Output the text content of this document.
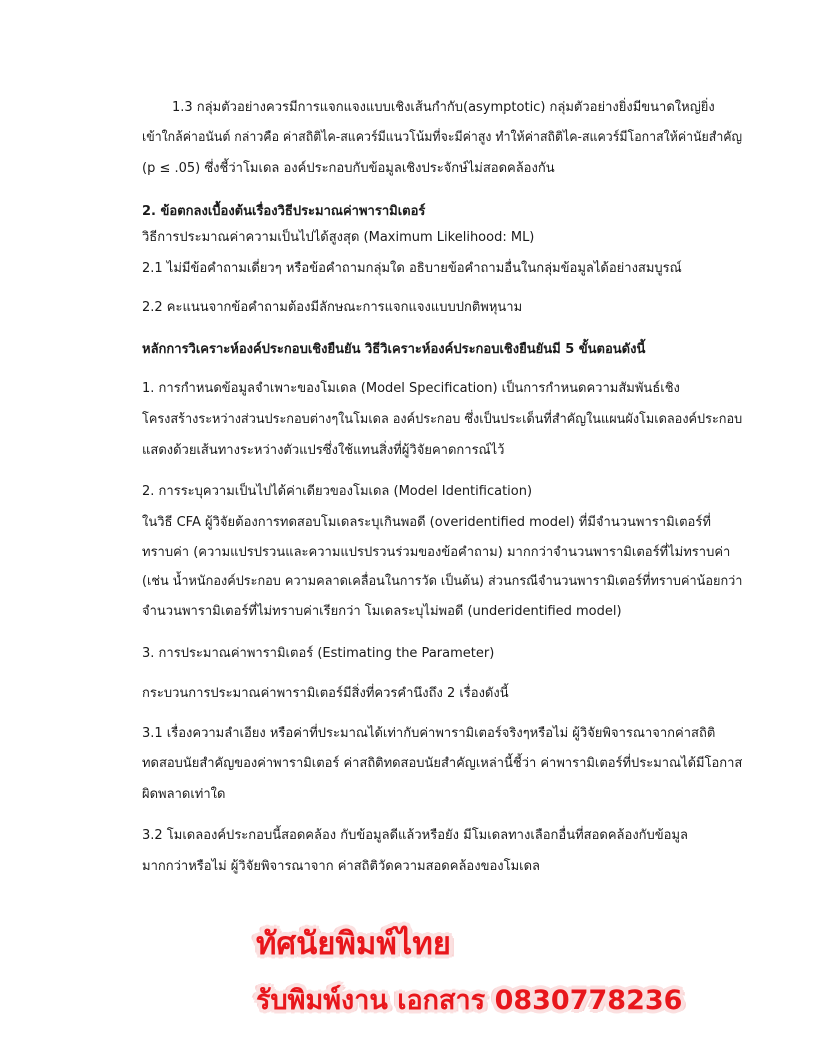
1.3 กลุ่มตัวอย่างควรมีการแจกแจงแบบเชิงเส้นกำกับ(asymptotic) กลุ่มตัวอย่างยิ่งมีขนาดใหญ่ยิ่ง
เข้าใกล้ค่าอนันต์ กล่าวคือ ค่าสถิติไค-สแควร์มีแนวโน้มที่จะมีค่าสูง ทำให้ค่าสถิติไค-สแควร์มีโอกาสให้ค่านัยสำคัญ
(p ≤ .05) ซึ่งชี้ว่าโมเดล องค์ประกอบกับข้อมูลเชิงประจักษ์ไม่สอดคล้องกัน
2. ข้อตกลงเบื้องต้นเรื่องวิธีประมาณค่าพารามิเตอร์
วิธีการประมาณค่าความเป็นไปได้สูงสุด (Maximum Likelihood: ML)
2.1 ไม่มีข้อคำถามเดี่ยวๆ หรือข้อคำถามกลุ่มใด อธิบายข้อคำถามอื่นในกลุ่มข้อมูลได้อย่างสมบูรณ์
2.2 คะแนนจากข้อคำถามต้องมีลักษณะการแจกแจงแบบปกติพหุนาม
หลักการวิเคราะห์องค์ประกอบเชิงยืนยัน วิธีวิเคราะห์องค์ประกอบเชิงยืนยันมี 5 ขั้นตอนดังนี้
1. การกำหนดข้อมูลจำเพาะของโมเดล (Model Specification) เป็นการกำหนดความสัมพันธ์เชิง
โครงสร้างระหว่างส่วนประกอบต่างๆในโมเดล องค์ประกอบ ซึ่งเป็นประเด็นที่สำคัญในแผนผังโมเดลองค์ประกอบ
แสดงด้วยเส้นทางระหว่างตัวแปรซึ่งใช้แทนสิ่งที่ผู้วิจัยคาดการณ์ไว้
2. การระบุความเป็นไปได้ค่าเดียวของโมเดล (Model Identification)
ในวิธี CFA ผู้วิจัยต้องการทดสอบโมเดลระบุเกินพอดี (overidentified model) ที่มีจำนวนพารามิเตอร์ที่
ทราบค่า (ความแปรปรวนและความแปรปรวนร่วมของข้อคำถาม) มากกว่าจำนวนพารามิเตอร์ที่ไม่ทราบค่า
(เช่น น้ำหนักองค์ประกอบ ความคลาดเคลื่อนในการวัด เป็นต้น) ส่วนกรณีจำนวนพารามิเตอร์ที่ทราบค่าน้อยกว่า
จำนวนพารามิเตอร์ที่ไม่ทราบค่าเรียกว่า โมเดลระบุไม่พอดี (underidentified model)
3. การประมาณค่าพารามิเตอร์ (Estimating the Parameter)
กระบวนการประมาณค่าพารามิเตอร์มีสิ่งที่ควรคำนึงถึง 2 เรื่องดังนี้
3.1 เรื่องความลำเอียง หรือค่าที่ประมาณได้เท่ากับค่าพารามิเตอร์จริงๆหรือไม่ ผู้วิจัยพิจารณาจากค่าสถิติ
ทดสอบนัยสำคัญของค่าพารามิเตอร์ ค่าสถิติทดสอบนัยสำคัญเหล่านี้ชี้ว่า ค่าพารามิเตอร์ที่ประมาณได้มีโอกาส
ผิดพลาดเท่าใด
3.2 โมเดลองค์ประกอบนี้สอดคล้อง กับข้อมูลดีแล้วหรือยัง มีโมเดลทางเลือกอื่นที่สอดคล้องกับข้อมูล
มากกว่าหรือไม่ ผู้วิจัยพิจารณาจาก ค่าสถิติวัดความสอดคล้องของโมเดล
ทัศนัยพิมพ์ไทย
รับพิมพ์งาน เอกสาร 0830778236
